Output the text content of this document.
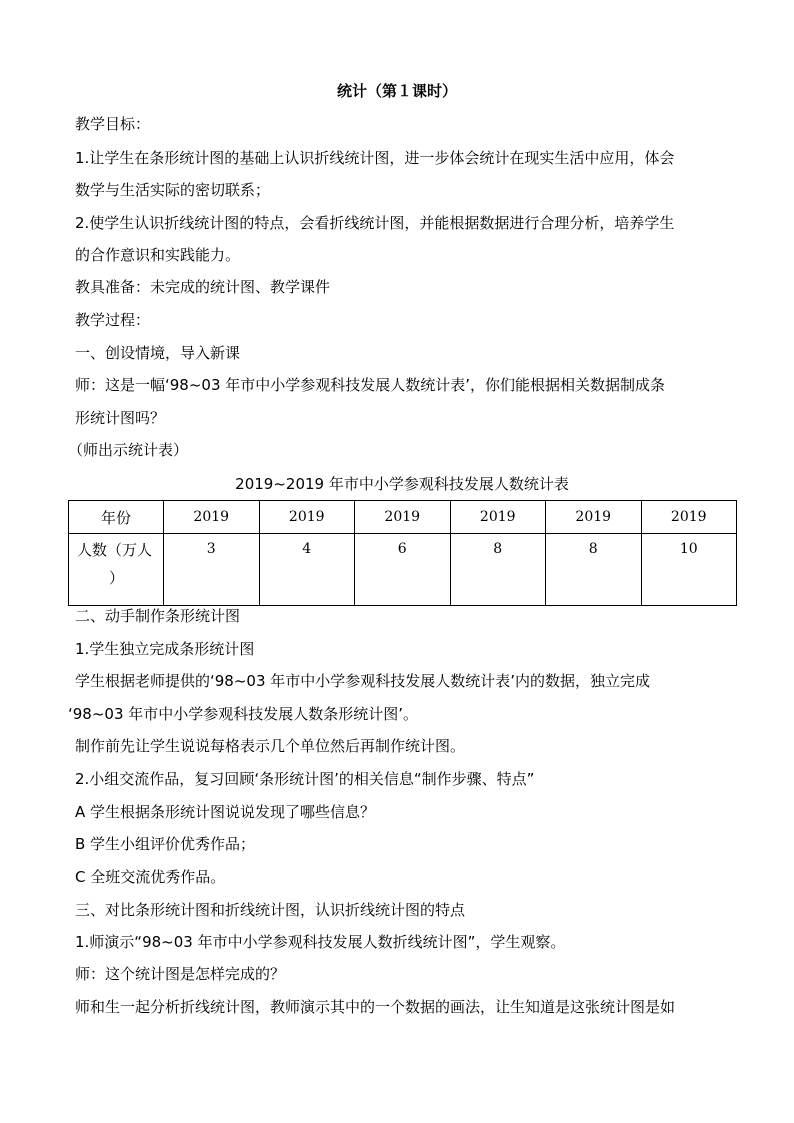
统计（第１课时）
教学目标：
1.让学生在条形统计图的基础上认识折线统计图，进一步体会统计在现实生活中应用，体会
数学与生活实际的密切联系；
2.使学生认识折线统计图的特点，会看折线统计图，并能根据数据进行合理分析，培养学生
的合作意识和实践能力。
教具准备：未完成的统计图、教学课件
教学过程：
一、创设情境，导入新课
师：这是一幅‘98~03 年市中小学参观科技发展人数统计表’，你们能根据相关数据制成条
形统计图吗？
（师出示统计表）
2019~2019 年市中小学参观科技发展人数统计表
年份	2019	2019	2019	2019	2019	2019
人数（万人
）	3	4	6	8	8	10
二、动手制作条形统计图
1.学生独立完成条形统计图
学生根据老师提供的‘98~03 年市中小学参观科技发展人数统计表’内的数据，独立完成
‘98~03 年市中小学参观科技发展人数条形统计图’。
制作前先让学生说说每格表示几个单位然后再制作统计图。
2.小组交流作品，复习回顾‘条形统计图’的相关信息“制作步骤、特点”
A 学生根据条形统计图说说发现了哪些信息？
B 学生小组评价优秀作品；
C 全班交流优秀作品。
三、对比条形统计图和折线统计图，认识折线统计图的特点
1.师演示“98~03 年市中小学参观科技发展人数折线统计图”，学生观察。
师：这个统计图是怎样完成的？
师和生一起分析折线统计图，教师演示其中的一个数据的画法，让生知道是这张统计图是如
